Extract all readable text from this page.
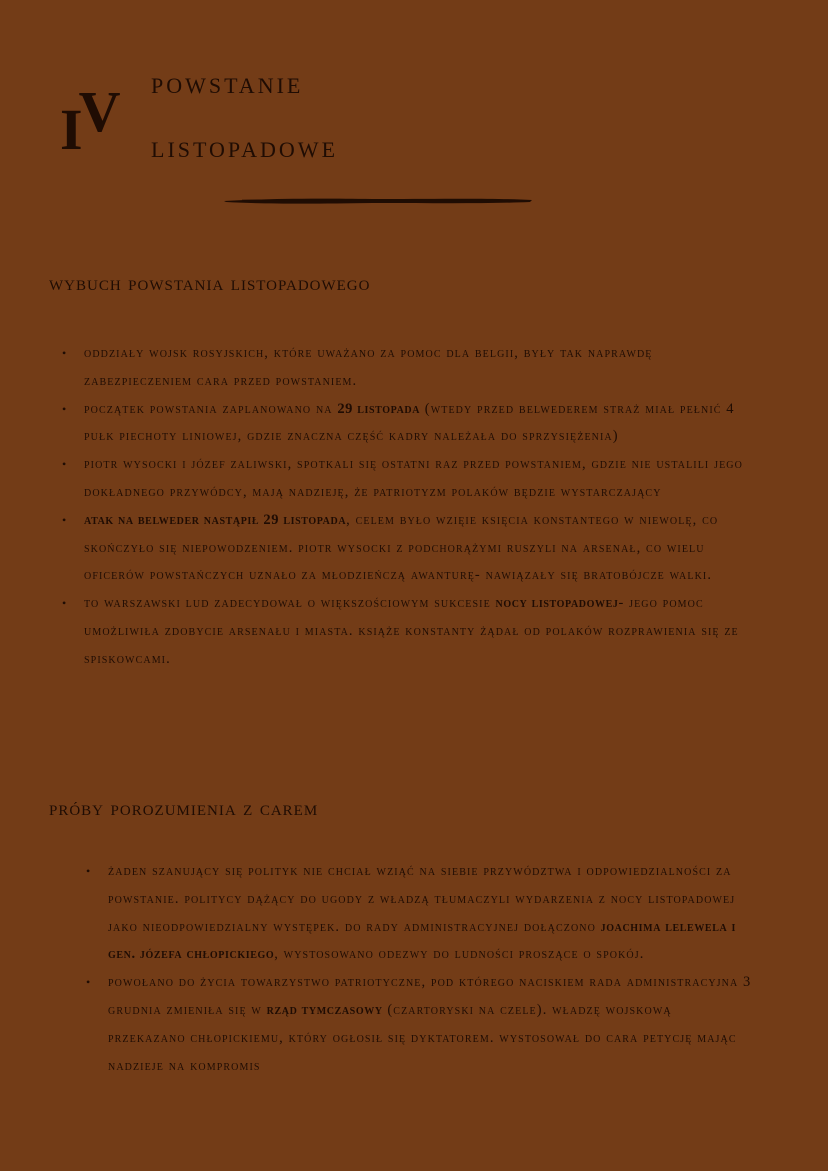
IV powstanie
listopadowe
wybuch powstania listopadowego
• oddziały wojsk rosyjskich, które uważano za pomoc dla belgii, były tak naprawdę zabezpieczeniem cara przed powstaniem.
• początek powstania zaplanowano na 29 listopada (wtedy przed belwederem straż miał pełnić 4 pułk piechoty liniowej, gdzie znaczna część kadry należała do sprzysiężenia)
• piotr wysocki i józef zaliwski, spotkali się ostatni raz przed powstaniem, gdzie nie ustalili jego dokładnego przywódcy, mają nadzieję, że patriotyzm polaków będzie wystarczający
• atak na belweder nastąpił 29 listopada, celem było wzięie księcia konstantego w niewolę, co skończyło się niepowodzeniem. piotr wysocki z podchorążymi ruszyli na arsenał, co wielu oficerów powstańczych uznało za młodzieńczą awanturę- nawiązały się bratobójcze walki.
• to warszawski lud zadecydował o większościowym sukcesie nocy listopadowej- jego pomoc umożliwiła zdobycie arsenału i miasta. książe konstanty żądał od polaków rozprawienia się ze spiskowcami.
próby porozumienia z carem
• żaden szanujący się polityk nie chciał wziąć na siebie przywództwa i odpowiedzialności za powstanie. politycy dążący do ugody z władzą tłumaczyli wydarzenia z nocy listopadowej jako nieodpowiedzialny występek. do rady administracyjnej dołączono joachima lelewela i gen. józefa chłopickiego, wystosowano odezwy do ludności proszące o spokój.
• powołano do życia towarzystwo patriotyczne, pod którego naciskiem rada administracyjna 3 grudnia zmieniła się w rząd tymczasowy (czartoryski na czele). władzę wojskową przekazano chłopickiemu, który ogłosił się dyktatorem. wystosował do cara petycję mając nadzieje na kompromis
